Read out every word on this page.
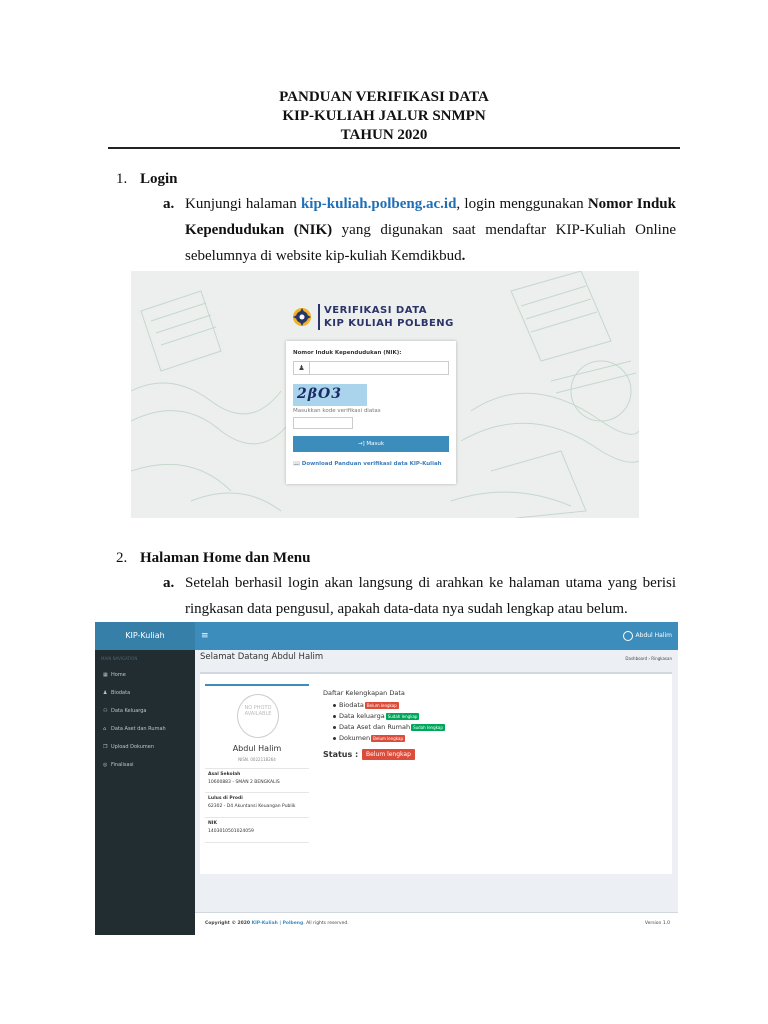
PANDUAN VERIFIKASI DATA
KIP-KULIAH JALUR SNMPN
TAHUN 2020
1. Login
a. Kunjungi halaman kip-kuliah.polbeng.ac.id, login menggunakan Nomor Induk Kependudukan (NIK) yang digunakan saat mendaftar KIP-Kuliah Online sebelumnya di website kip-kuliah Kemdikbud.
VERIFIKASI DATA
KIP KULIAH POLBENG
Nomor Induk Kependudukan (NIK):
♟
2βO3
Masukkan kode verifikasi diatas
→] Masuk
📖 Download Panduan verifikasi data KIP-Kuliah
2. Halaman Home dan Menu
a. Setelah berhasil login akan langsung di arahkan ke halaman utama yang berisi ringkasan data pengusul, apakah data-data nya sudah lengkap atau belum.
KIP-Kuliah	≡	Abdul Halim
MAIN NAVIGATION
▦ Home
♟ Biodata
⚇ Data Keluarga
⌂ Data Aset dan Rumah
❐ Upload Dokumen
◎ Finalisasi
Selamat Datang Abdul Halim	Dashboard › Ringkasan
NO PHOTO AVAILABLE
Abdul Halim
NISN. 0022118264
Asal Sekolah
10600883 - SMAN 2 BENGKALIS
Lulus di Prodi
62302 - D4 Akuntansi Keuangan Publik
NIK
1403010501024059
Daftar Kelengkapan Data
Biodata Belum lengkap
Data keluarga Sudah lengkap
Data Aset dan Rumah Sudah lengkap
Dokumen Belum lengkap
Status : Belum lengkap
Copyright © 2020 KIP-Kuliah | Polbeng. All rights reserved.	Version 1.0
